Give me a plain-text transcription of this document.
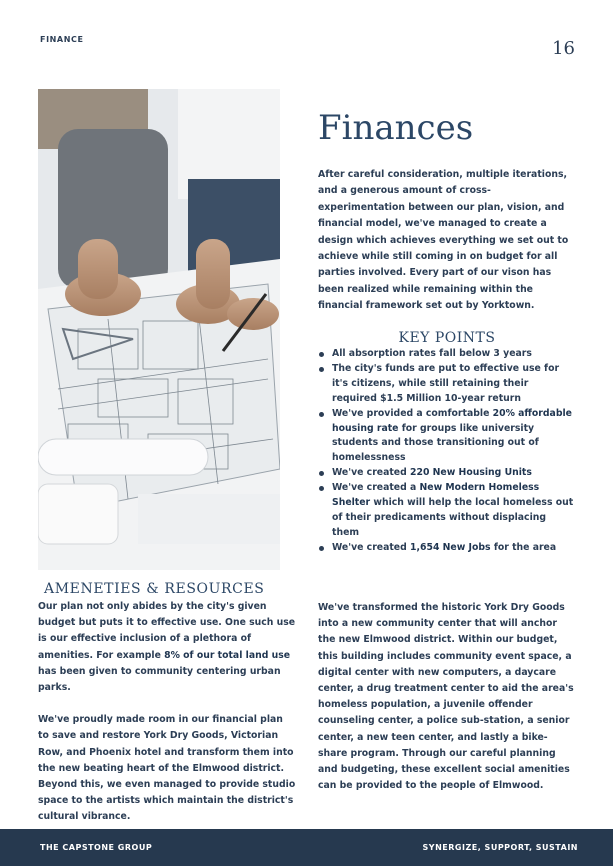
FINANCE	16
Finances

After careful consideration, multiple iterations, and a generous amount of cross-experimentation between our plan, vision, and financial model, we've managed to create a design which achieves everything we set out to achieve while still coming in on budget for all parties involved. Every part of our vison has been realized while remaining within the financial framework set out by Yorktown.

KEY POINTS
All absorption rates fall below 3 years
The city's funds are put to effective use for it's citizens, while still retaining their required $1.5 Million 10-year return
We've provided a comfortable 20% affordable housing rate for groups like university students and those transitioning out of homelessness
We've created 220 New Housing Units
We've created a New Modern Homeless Shelter which will help the local homeless out of their predicaments without displacing them
We've created 1,654 New Jobs for the area
AMENETIES & RESOURCES

Our plan not only abides by the city's given budget but puts it to effective use. One such use is our effective inclusion of a plethora of amenities. For example 8% of our total land use has been given to community centering urban parks.

We've proudly made room in our financial plan to save and restore York Dry Goods, Victorian Row, and Phoenix hotel and transform them into the new beating heart of the Elmwood district. Beyond this, we even managed to provide studio space to the artists which maintain the district's cultural vibrance.

We've transformed the historic York Dry Goods into a new community center that will anchor the new Elmwood district. Within our budget, this building includes community event space, a digital center with new computers, a daycare center, a drug treatment center to aid the area's homeless population, a juvenile offender counseling center, a police sub-station, a senior center, a new teen center, and lastly a bike-share program. Through our careful planning and budgeting, these excellent social amenities can be provided to the people of Elmwood.

THE CAPSTONE GROUP	SYNERGIZE, SUPPORT, SUSTAIN
